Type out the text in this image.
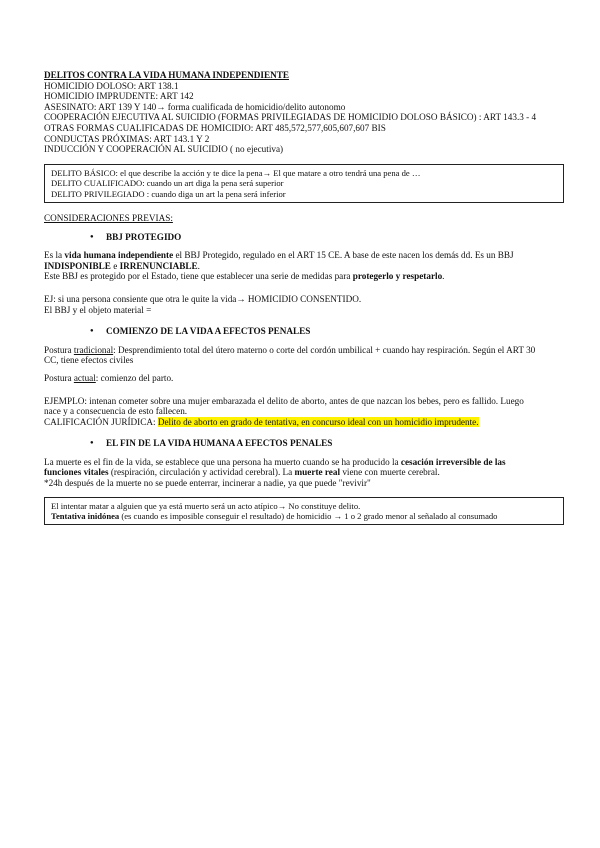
DELITOS CONTRA LA VIDA HUMANA INDEPENDIENTE
HOMICIDIO DOLOSO: ART 138.1
HOMICIDIO IMPRUDENTE: ART 142
ASESINATO: ART 139 Y 140→ forma cualificada de homicidio/delito autonomo
COOPERACIÓN EJECUTIVA AL SUICIDIO (FORMAS PRIVILEGIADAS DE HOMICIDIO DOLOSO BÁSICO) : ART 143.3 - 4
OTRAS FORMAS CUALIFICADAS DE HOMICIDIO: ART 485,572,577,605,607,607 BIS
CONDUCTAS PRÓXIMAS: ART 143.1 Y 2
INDUCCIÓN Y COOPERACIÓN AL SUICIDIO ( no ejecutiva)
DELITO BÁSICO: el que describe la acción y te dice la pena→ El que matare a otro tendrá una pena de …
DELITO CUALIFICADO: cuando un art diga la pena será superior
DELITO PRIVILEGIADO : cuando diga un art la pena será inferior
CONSIDERACIONES PREVIAS:
● BBJ PROTEGIDO

Es la vida humana independiente el BBJ Protegido, regulado en el ART 15 CE. A base de este nacen los demás dd. Es un BBJ
INDISPONIBLE e IRRENUNCIABLE.
Este BBJ es protegido por el Estado, tiene que establecer una serie de medidas para protegerlo y respetarlo.

EJ: si una persona consiente que otra le quite la vida→ HOMICIDIO CONSENTIDO.
El BBJ y el objeto material =

● COMIENZO DE LA VIDA A EFECTOS PENALES

Postura tradicional: Desprendimiento total del útero materno o corte del cordón umbilical + cuando hay respiración. Según el ART 30
CC, tiene efectos civiles

Postura actual: comienzo del parto.

EJEMPLO: intenan cometer sobre una mujer embarazada el delito de aborto, antes de que nazcan los bebes, pero es fallido. Luego
nace y a consecuencia de esto fallecen.
CALIFICACIÓN JURÍDICA: Delito de aborto en grado de tentativa, en concurso ideal con un homicidio imprudente.

● EL FIN DE LA VIDA HUMANA A EFECTOS PENALES

La muerte es el fin de la vida, se establece que una persona ha muerto cuando se ha producido la cesación irreversible de las
funciones vitales (respiración, circulación y actividad cerebral). La muerte real viene con muerte cerebral.
*24h después de la muerte no se puede enterrar, incinerar a nadie, ya que puede "revivir"

El intentar matar a alguien que ya está muerto será un acto atípico→ No constituye delito.
Tentativa inidónea (es cuando es imposible conseguir el resultado) de homicidio → 1 o 2 grado menor al señalado al consumado
